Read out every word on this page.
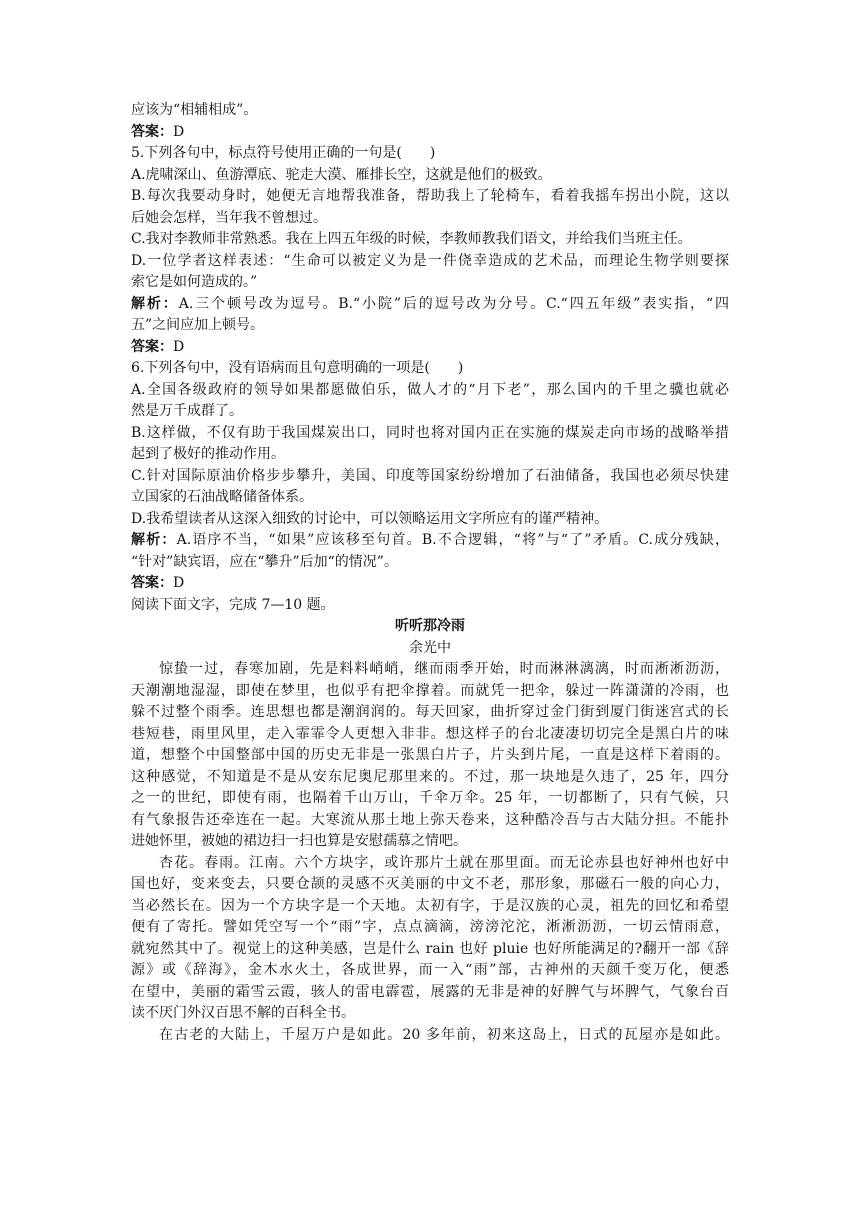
应该为“相辅相成”。
答案：D
5.下列各句中，标点符号使用正确的一句是(　　)
A.虎啸深山、鱼游潭底、驼走大漠、雁排长空，这就是他们的极致。
B.每次我要动身时，她便无言地帮我准备，帮助我上了轮椅车，看着我摇车拐出小院，这以
后她会怎样，当年我不曾想过。
C.我对李教师非常熟悉。我在上四五年级的时候，李教师教我们语文，并给我们当班主任。
D.一位学者这样表述：“生命可以被定义为是一件侥幸造成的艺术品，而理论生物学则要探
索它是如何造成的。”
解析：A.三个顿号改为逗号。B.“小院”后的逗号改为分号。C.“四五年级”表实指，“四
五”之间应加上顿号。
答案：D
6.下列各句中，没有语病而且句意明确的一项是(　　)
A.全国各级政府的领导如果都愿做伯乐，做人才的“月下老”，那么国内的千里之骥也就必
然是万千成群了。
B.这样做，不仅有助于我国煤炭出口，同时也将对国内正在实施的煤炭走向市场的战略举措
起到了极好的推动作用。
C.针对国际原油价格步步攀升，美国、印度等国家纷纷增加了石油储备，我国也必须尽快建
立国家的石油战略储备体系。
D.我希望读者从这深入细致的讨论中，可以领略运用文字所应有的谨严精神。
解析：A.语序不当，“如果”应该移至句首。B.不合逻辑，“将”与“了”矛盾。C.成分残缺，
“针对”缺宾语，应在“攀升”后加“的情况”。
答案：D
阅读下面文字，完成 7—10 题。
听听那冷雨
余光中
惊蛰一过，春寒加剧，先是料料峭峭，继而雨季开始，时而淋淋漓漓，时而淅淅沥沥，
天潮潮地湿湿，即使在梦里，也似乎有把伞撑着。而就凭一把伞，躲过一阵潇潇的冷雨，也
躲不过整个雨季。连思想也都是潮润润的。每天回家，曲折穿过金门街到厦门街迷宫式的长
巷短巷，雨里风里，走入霏霏令人更想入非非。想这样子的台北凄凄切切完全是黑白片的味
道，想整个中国整部中国的历史无非是一张黑白片子，片头到片尾，一直是这样下着雨的。
这种感觉，不知道是不是从安东尼奥尼那里来的。不过，那一块地是久违了，25 年，四分
之一的世纪，即使有雨，也隔着千山万山，千伞万伞。25 年，一切都断了，只有气候，只
有气象报告还牵连在一起。大寒流从那土地上弥天卷来，这种酷冷吾与古大陆分担。不能扑
进她怀里，被她的裙边扫一扫也算是安慰孺慕之情吧。
杏花。春雨。江南。六个方块字，或许那片土就在那里面。而无论赤县也好神州也好中
国也好，变来变去，只要仓颉的灵感不灭美丽的中文不老，那形象，那磁石一般的向心力，
当必然长在。因为一个方块字是一个天地。太初有字，于是汉族的心灵，祖先的回忆和希望
便有了寄托。譬如凭空写一个“雨”字，点点滴滴，滂滂沱沱，淅淅沥沥，一切云情雨意，
就宛然其中了。视觉上的这种美感，岂是什么 rain 也好 pluie 也好所能满足的?翻开一部《辞
源》或《辞海》，金木水火土，各成世界，而一入“雨”部，古神州的天颜千变万化，便悉
在望中，美丽的霜雪云霞，骇人的雷电霹雹，展露的无非是神的好脾气与坏脾气，气象台百
读不厌门外汉百思不解的百科全书。
在古老的大陆上，千屋万户是如此。20 多年前，初来这岛上，日式的瓦屋亦是如此。
